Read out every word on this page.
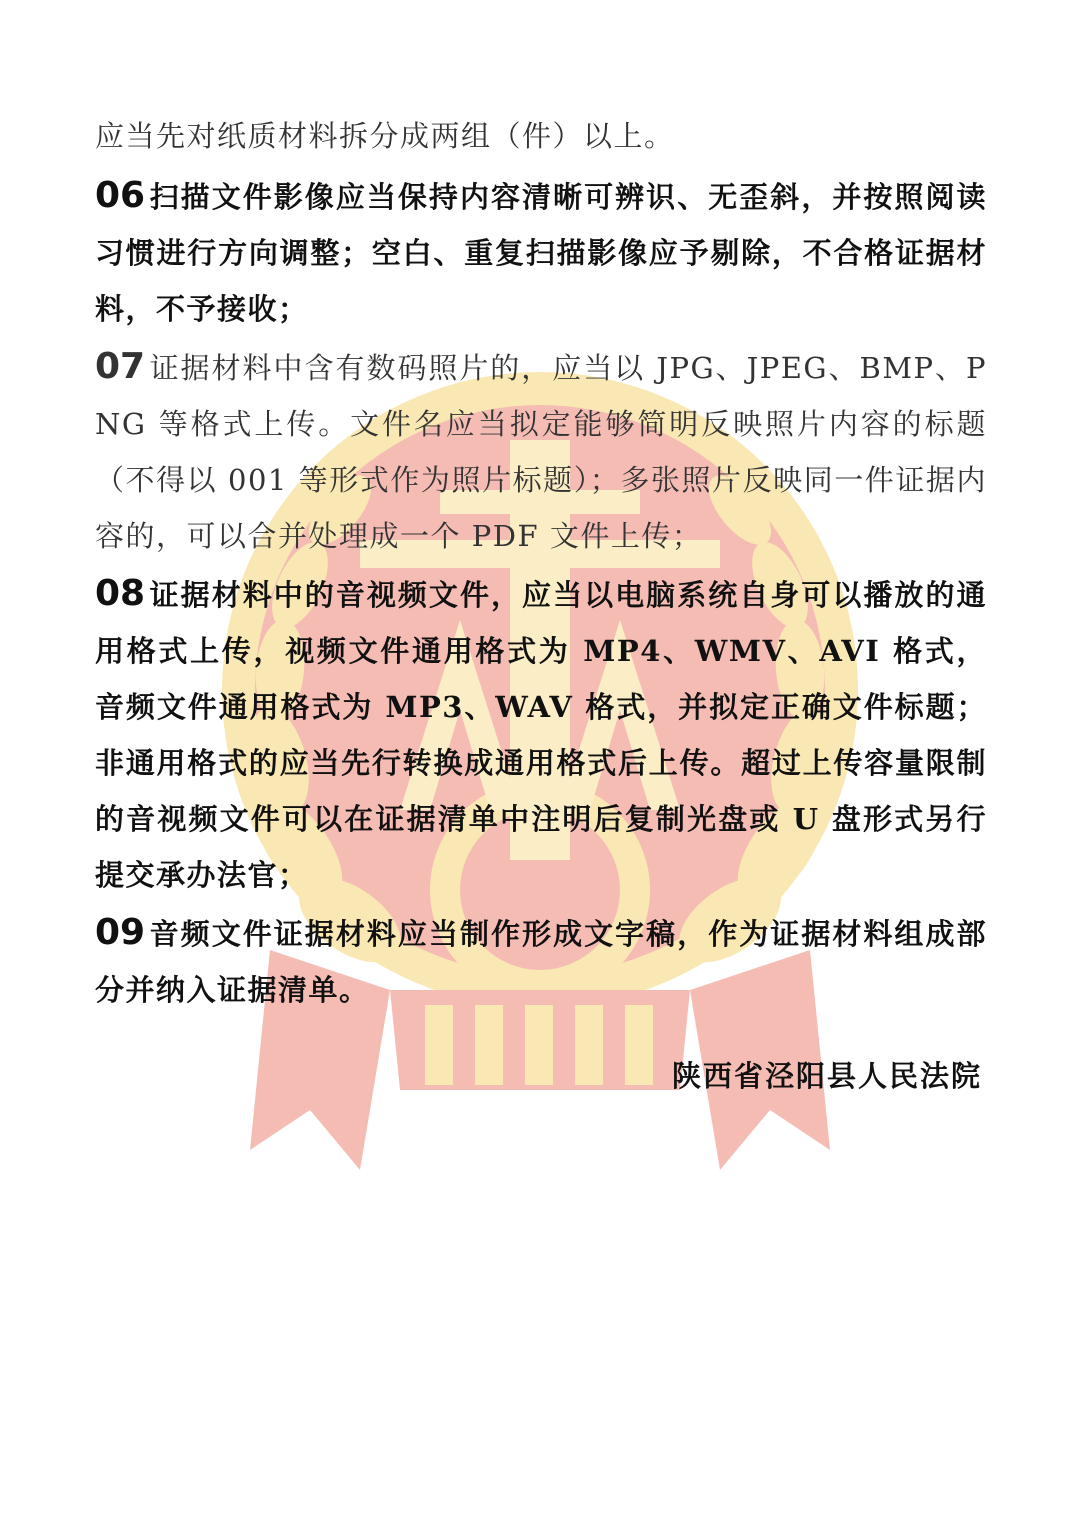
应当先对纸质材料拆分成两组（件）以上。

06 扫描文件影像应当保持内容清晰可辨识、无歪斜，并按照阅读习惯进行方向调整；空白、重复扫描影像应予剔除，不合格证据材料，不予接收；

07 证据材料中含有数码照片的，应当以 JPG、JPEG、BMP、PNG 等格式上传。文件名应当拟定能够简明反映照片内容的标题（不得以 001 等形式作为照片标题）；多张照片反映同一件证据内容的，可以合并处理成一个 PDF 文件上传；

08 证据材料中的音视频文件，应当以电脑系统自身可以播放的通用格式上传，视频文件通用格式为 MP4、WMV、AVI 格式，音频文件通用格式为 MP3、WAV 格式，并拟定正确文件标题；非通用格式的应当先行转换成通用格式后上传。超过上传容量限制的音视频文件可以在证据清单中注明后复制光盘或 U 盘形式另行提交承办法官；

09 音频文件证据材料应当制作形成文字稿，作为证据材料组成部分并纳入证据清单。

陕西省泾阳县人民法院
